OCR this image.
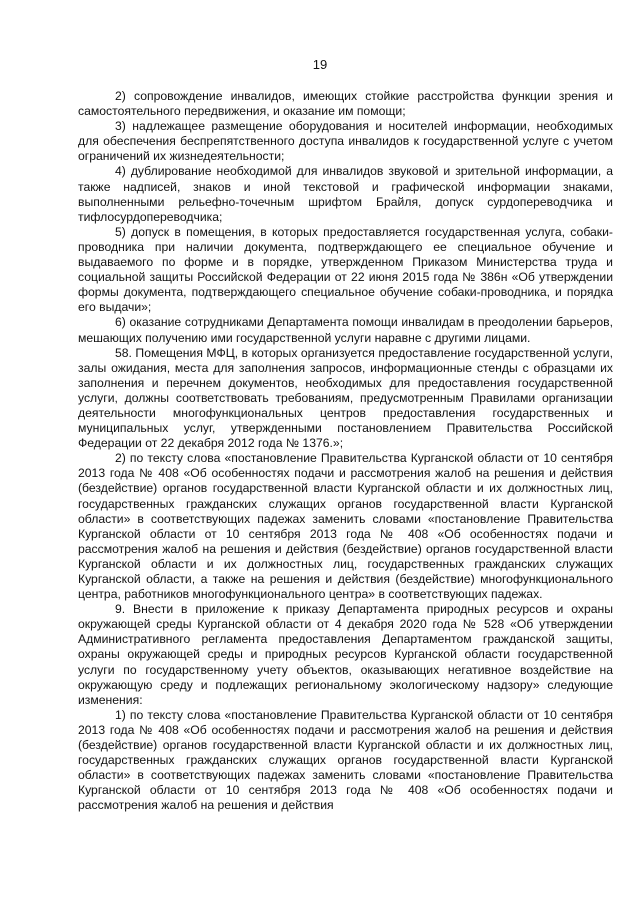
19

2) сопровождение инвалидов, имеющих стойкие расстройства функции зрения и самостоятельного передвижения, и оказание им помощи;

3) надлежащее размещение оборудования и носителей информации, необходимых для обеспечения беспрепятственного доступа инвалидов к государственной услуге с учетом ограничений их жизнедеятельности;

4) дублирование необходимой для инвалидов звуковой и зрительной информации, а также надписей, знаков и иной текстовой и графической информации знаками, выполненными рельефно-точечным шрифтом Брайля, допуск сурдопереводчика и тифлосурдопереводчика;

5) допуск в помещения, в которых предоставляется государственная услуга, собаки-проводника при наличии документа, подтверждающего ее специальное обучение и выдаваемого по форме и в порядке, утвержденном Приказом Министерства труда и социальной защиты Российской Федерации от 22 июня 2015 года № 386н «Об утверждении формы документа, подтверждающего специальное обучение собаки-проводника, и порядка его выдачи»;

6) оказание сотрудниками Департамента помощи инвалидам в преодолении барьеров, мешающих получению ими государственной услуги наравне с другими лицами.

58. Помещения МФЦ, в которых организуется предоставление государственной услуги, залы ожидания, места для заполнения запросов, информационные стенды с образцами их заполнения и перечнем документов, необходимых для предоставления государственной услуги, должны соответствовать требованиям, предусмотренным Правилами организации деятельности многофункциональных центров предоставления государственных и муниципальных услуг, утвержденными постановлением Правительства Российской Федерации от 22 декабря 2012 года № 1376.»;

2) по тексту слова «постановление Правительства Курганской области от 10 сентября 2013 года № 408 «Об особенностях подачи и рассмотрения жалоб на решения и действия (бездействие) органов государственной власти Курганской области и их должностных лиц, государственных гражданских служащих органов государственной власти Курганской области» в соответствующих падежах заменить словами «постановление Правительства Курганской области от 10 сентября 2013 года № 408 «Об особенностях подачи и рассмотрения жалоб на решения и действия (бездействие) органов государственной власти Курганской области и их должностных лиц, государственных гражданских служащих Курганской области, а также на решения и действия (бездействие) многофункционального центра, работников многофункционального центра» в соответствующих падежах.

9. Внести в приложение к приказу Департамента природных ресурсов и охраны окружающей среды Курганской области от 4 декабря 2020 года № 528 «Об утверждении Административного регламента предоставления Департаментом гражданской защиты, охраны окружающей среды и природных ресурсов Курганской области государственной услуги по государственному учету объектов, оказывающих негативное воздействие на окружающую среду и подлежащих региональному экологическому надзору» следующие изменения:

1) по тексту слова «постановление Правительства Курганской области от 10 сентября 2013 года № 408 «Об особенностях подачи и рассмотрения жалоб на решения и действия (бездействие) органов государственной власти Курганской области и их должностных лиц, государственных гражданских служащих органов государственной власти Курганской области» в соответствующих падежах заменить словами «постановление Правительства Курганской области от 10 сентября 2013 года № 408 «Об особенностях подачи и рассмотрения жалоб на решения и действия
